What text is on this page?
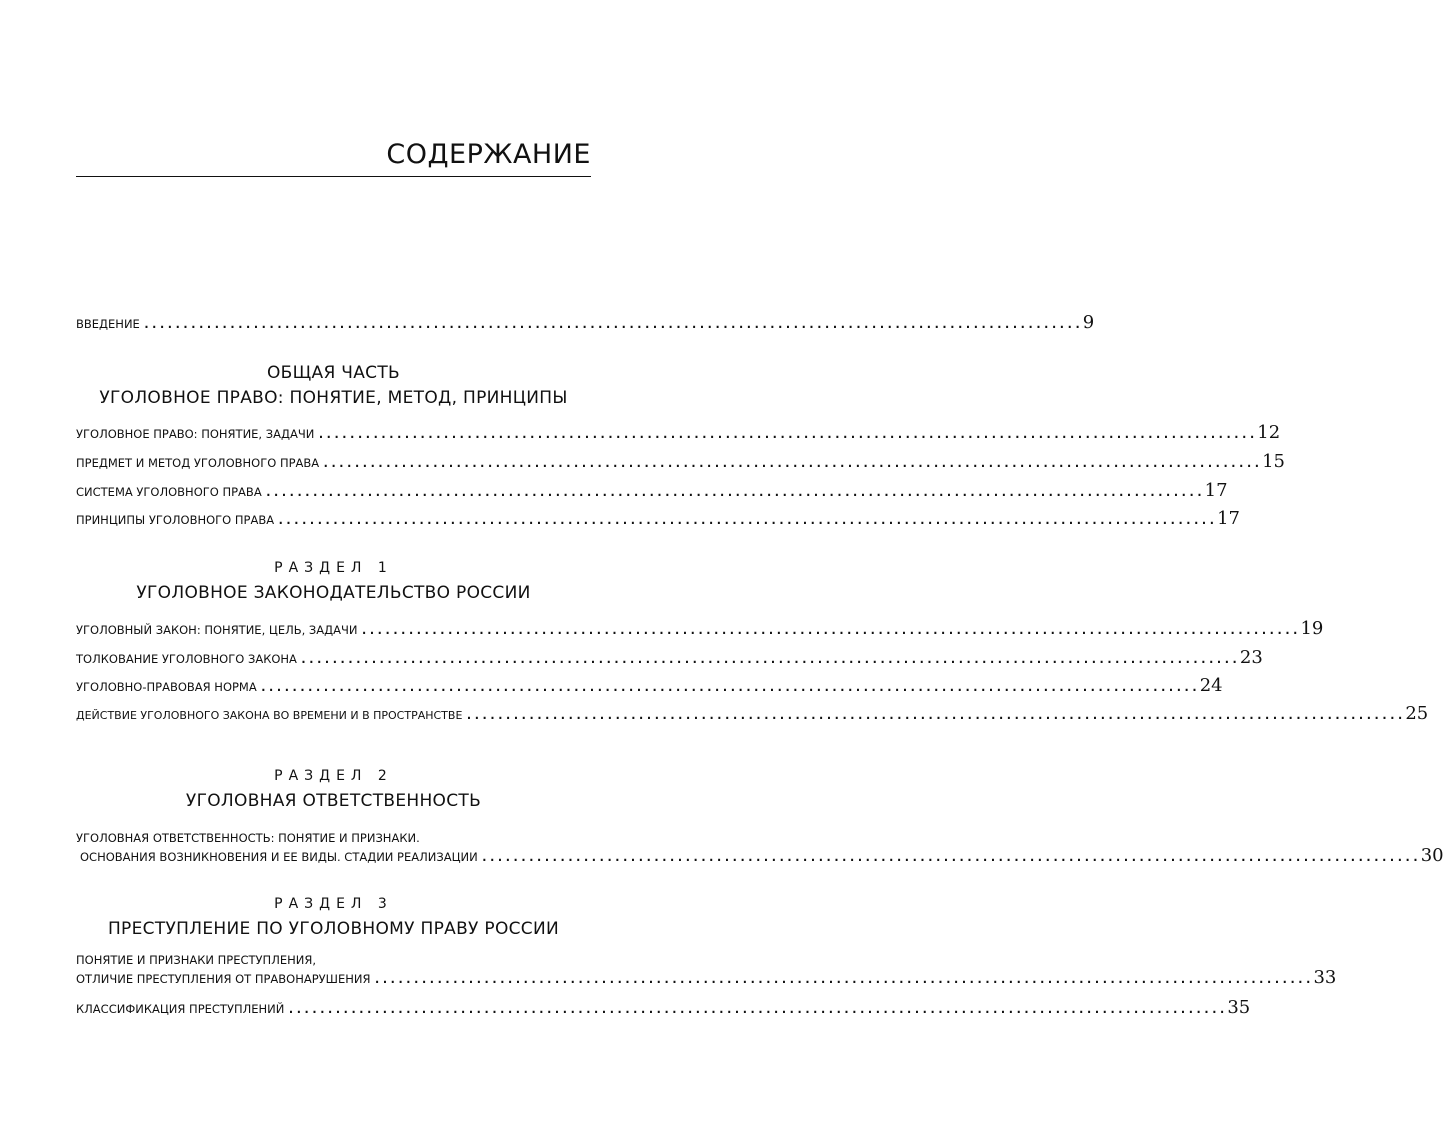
СОДЕРЖАНИЕ
ВВЕДЕНИЕ ........................................................................................................................ 9
ОБЩАЯ ЧАСТЬ
УГОЛОВНОЕ ПРАВО: ПОНЯТИЕ, МЕТОД, ПРИНЦИПЫ
УГОЛОВНОЕ ПРАВО: ПОНЯТИЕ, ЗАДАЧИ ........................................................................................................................ 12
ПРЕДМЕТ И МЕТОД УГОЛОВНОГО ПРАВА ........................................................................................................................ 15
СИСТЕМА УГОЛОВНОГО ПРАВА ........................................................................................................................ 17
ПРИНЦИПЫ УГОЛОВНОГО ПРАВА ........................................................................................................................ 17
РАЗДЕЛ 1
УГОЛОВНОЕ ЗАКОНОДАТЕЛЬСТВО РОССИИ
УГОЛОВНЫЙ ЗАКОН: ПОНЯТИЕ, ЦЕЛЬ, ЗАДАЧИ ........................................................................................................................ 19
ТОЛКОВАНИЕ УГОЛОВНОГО ЗАКОНА ........................................................................................................................ 23
УГОЛОВНО-ПРАВОВАЯ НОРМА ........................................................................................................................ 24
ДЕЙСТВИЕ УГОЛОВНОГО ЗАКОНА ВО ВРЕМЕНИ И В ПРОСТРАНСТВЕ ........................................................................................................................ 25
РАЗДЕЛ 2
УГОЛОВНАЯ ОТВЕТСТВЕННОСТЬ
УГОЛОВНАЯ ОТВЕТСТВЕННОСТЬ: ПОНЯТИЕ И ПРИЗНАКИ.
ОСНОВАНИЯ ВОЗНИКНОВЕНИЯ И ЕЕ ВИДЫ. СТАДИИ РЕАЛИЗАЦИИ ........................................................................................................................ 30
РАЗДЕЛ 3
ПРЕСТУПЛЕНИЕ ПО УГОЛОВНОМУ ПРАВУ РОССИИ
ПОНЯТИЕ И ПРИЗНАКИ ПРЕСТУПЛЕНИЯ,
ОТЛИЧИЕ ПРЕСТУПЛЕНИЯ ОТ ПРАВОНАРУШЕНИЯ ........................................................................................................................ 33
КЛАССИФИКАЦИЯ ПРЕСТУПЛЕНИЙ ........................................................................................................................ 35
